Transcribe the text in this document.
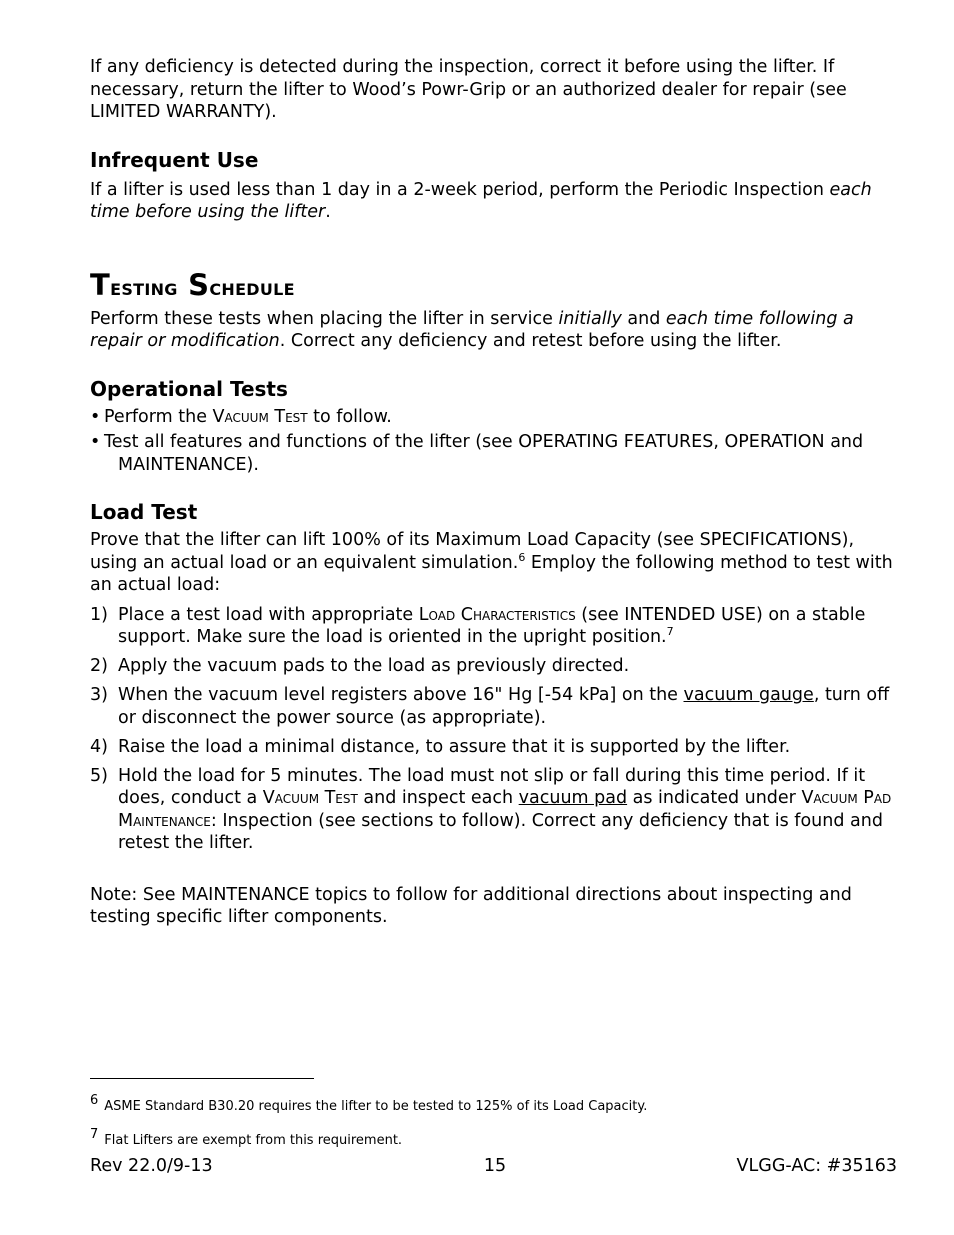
If any deficiency is detected during the inspection, correct it before using the lifter. If necessary, return the lifter to Wood’s Powr-Grip or an authorized dealer for repair (see LIMITED WARRANTY).

Infrequent Use

If a lifter is used less than 1 day in a 2-week period, perform the Periodic Inspection each time before using the lifter.

Testing Schedule

Perform these tests when placing the lifter in service initially and each time following a repair or modification. Correct any deficiency and retest before using the lifter.

Operational Tests

• Perform the Vacuum Test to follow.

• Test all features and functions of the lifter (see OPERATING FEATURES, OPERATION and MAINTENANCE).

Load Test

Prove that the lifter can lift 100% of its Maximum Load Capacity (see SPECIFICATIONS), using an actual load or an equivalent simulation.$^6$ Employ the following method to test with an actual load:

1) Place a test load with appropriate Load Characteristics (see INTENDED USE) on a stable support. Make sure the load is oriented in the upright position.$^7$
2) Apply the vacuum pads to the load as previously directed.
3) When the vacuum level registers above 16" Hg [-54 kPa] on the vacuum gauge, turn off or disconnect the power source (as appropriate).
4) Raise the load a minimal distance, to assure that it is supported by the lifter.
5) Hold the load for 5 minutes. The load must not slip or fall during this time period. If it does, conduct a Vacuum Test and inspect each vacuum pad as indicated under Vacuum Pad Maintenance: Inspection (see sections to follow). Correct any deficiency that is found and retest the lifter.

Note: See MAINTENANCE topics to follow for additional directions about inspecting and testing specific lifter components.

6 ASME Standard B30.20 requires the lifter to be tested to 125% of its Load Capacity.
7 Flat Lifters are exempt from this requirement.
Rev 22.0/9-13	15	VLGG-AC: #35163
